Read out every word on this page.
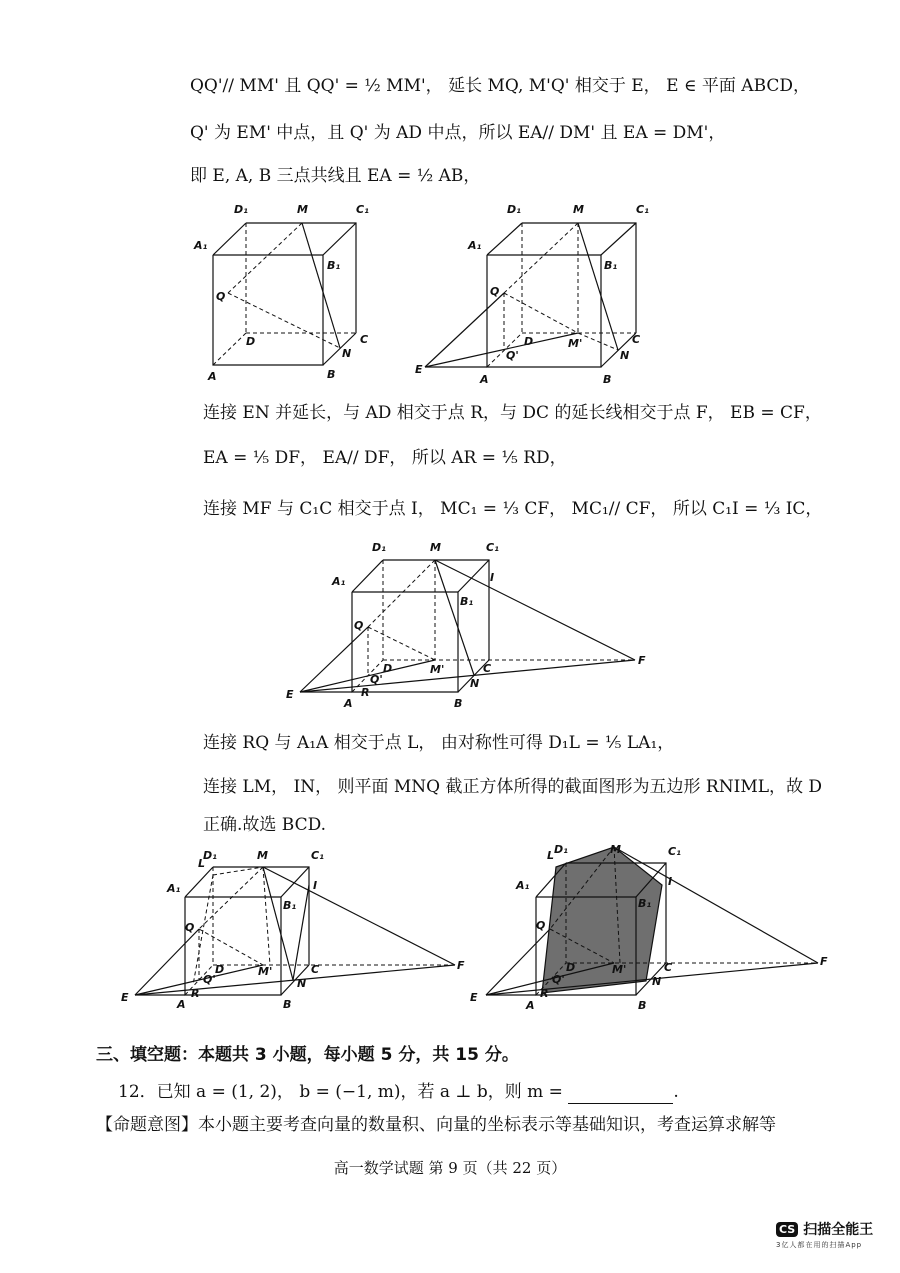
QQ'// MM' 且 QQ' = ½ MM'， 延长 MQ, M'Q' 相交于 E， E ∈ 平面 ABCD，
Q' 为 EM' 中点，且 Q' 为 AD 中点，所以 EA// DM' 且 EA = DM'，
即 E, A, B 三点共线且 EA = ½ AB，
D₁	M	C₁
A₁
B₁
Q
D	C
N
A	B
D₁	M	C₁
A₁
B₁
Q
D	M'
Q'
C
N
E
A	B
连接 EN 并延长，与 AD 相交于点 R，与 DC 的延长线相交于点 F， EB = CF，
EA = ⅕ DF， EA// DF， 所以 AR = ⅕ RD，
连接 MF 与 C₁C 相交于点 I， MC₁ = ⅓ CF， MC₁// CF， 所以 C₁I = ⅓ IC，
D₁	M	C₁
I
A₁
B₁
Q
D	M'
Q'
R
C
N
F
E
A	B
连接 RQ 与 A₁A 相交于点 L， 由对称性可得 D₁L = ⅕ LA₁，
连接 LM， IN， 则平面 MNQ 截正方体所得的截面图形为五边形 RNIML，故 D
正确.故选 BCD.
L
D₁	M	C₁
I
A₁
B₁
Q
D	M'
Q'
R
C
N
F
E
A	B
L D₁	M	C₁
I
A₁
B₁
Q
D	M'
Q'
R
C
N
F
E
A	B
三、填空题：本题共 3 小题，每小题 5 分，共 15 分。
12．已知 a = (1, 2)， b = (−1, m)，若 a ⊥ b，则 m =	.
【命题意图】本小题主要考查向量的数量积、向量的坐标表示等基础知识，考查运算求解等
高一数学试题 第 9 页（共 22 页）
CS 扫描全能王
3亿人都在用的扫描App
